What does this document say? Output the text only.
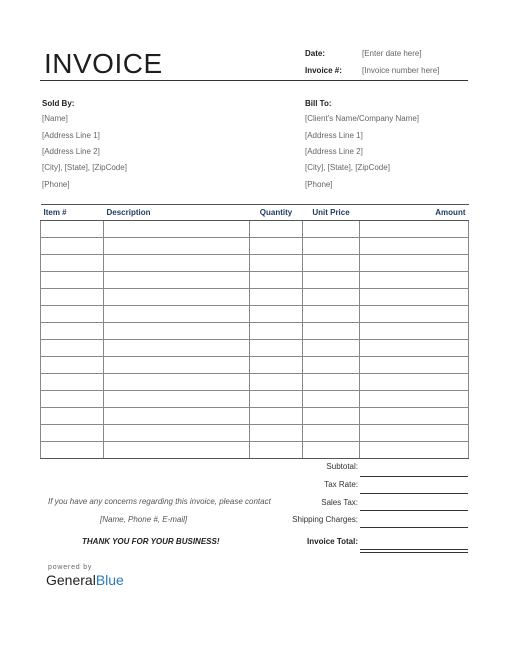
INVOICE	Date:	[Enter date here]
Invoice #:	[Invoice number here]
Sold By:
[Name]
[Address Line 1]
[Address Line 2]
[City], [State], [ZipCode]
[Phone]
Bill To:
[Client's Name/Company Name]
[Address Line 1]
[Address Line 2]
[City], [State], [ZipCode]
[Phone]
Item #	Description	Quantity	Unit Price	Amount

Subtotal:
Tax Rate:
Sales Tax:
Shipping Charges:
Invoice Total:
If you have any concerns regarding this invoice, please contact
[Name, Phone #, E-mail]
THANK YOU FOR YOUR BUSINESS!
powered by
GeneralBlue
